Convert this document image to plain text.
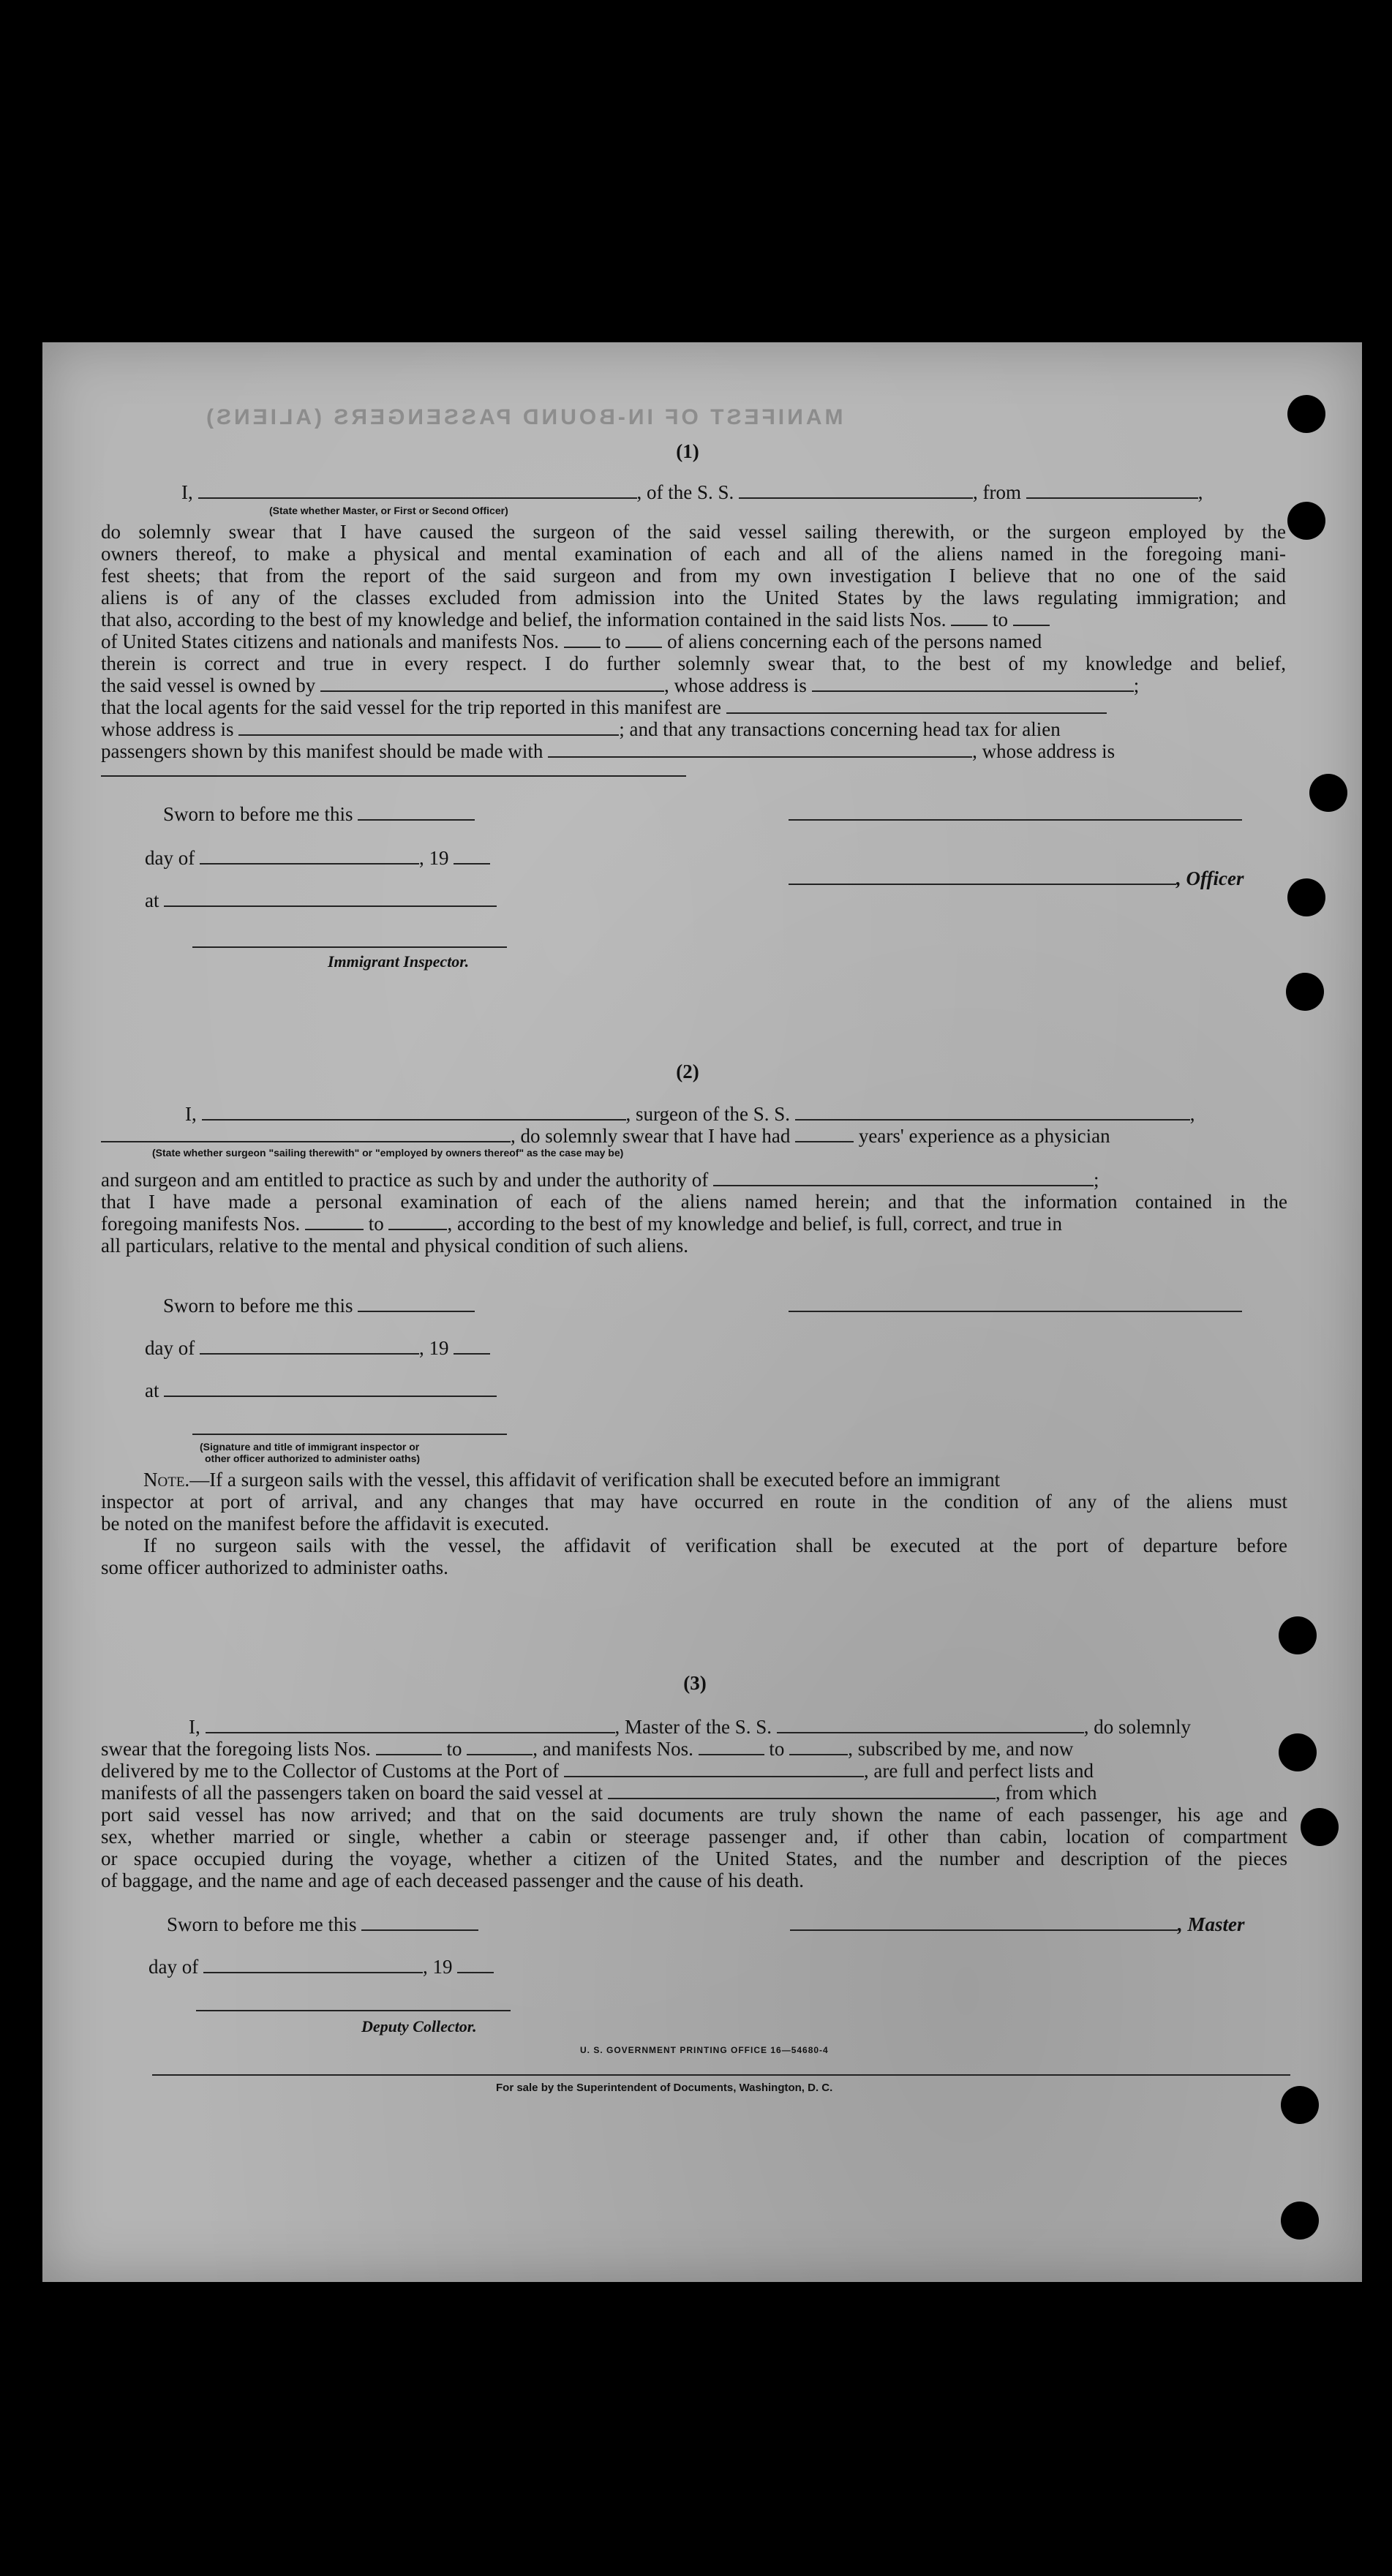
MANIFEST OF IN-BOUND PASSENGERS (ALIENS)
(1)
I,	, of the S. S.	, from	,
(State whether Master, or First or Second Officer)
do solemnly swear that I have caused the surgeon of the said vessel sailing therewith, or the surgeon employed by the
owners thereof, to make a physical and mental examination of each and all of the aliens named in the foregoing mani-
fest sheets; that from the report of the said surgeon and from my own investigation I believe that no one of the said
aliens is of any of the classes excluded from admission into the United States by the laws regulating immigration; and
that also, according to the best of my knowledge and belief, the information contained in the said lists Nos. to
of United States citizens and nationals and manifests Nos. to of aliens concerning each of the persons named
therein is correct and true in every respect. I do further solemnly swear that, to the best of my knowledge and belief,
the said vessel is owned by	, whose address is	;
that the local agents for the said vessel for the trip reported in this manifest are
whose address is	; and that any transactions concerning head tax for alien
passengers shown by this manifest should be made with	, whose address is
Sworn to before me this
day of	, 19
, Officer
at
Immigrant Inspector.
(2)
I,	, surgeon of the S. S.	,
, do solemnly swear that I have had	years' experience as a physician
(State whether surgeon "sailing therewith" or "employed by owners thereof" as the case may be)
and surgeon and am entitled to practice as such by and under the authority of	;
that I have made a personal examination of each of the aliens named herein; and that the information contained in the
foregoing manifests Nos.	to	, according to the best of my knowledge and belief, is full, correct, and true in
all particulars, relative to the mental and physical condition of such aliens.
Sworn to before me this
day of	, 19
at
(Signature and title of immigrant inspector or
other officer authorized to administer oaths)
Note.—If a surgeon sails with the vessel, this affidavit of verification shall be executed before an immigrant
inspector at port of arrival, and any changes that may have occurred en route in the condition of any of the aliens must
be noted on the manifest before the affidavit is executed.
If no surgeon sails with the vessel, the affidavit of verification shall be executed at the port of departure before
some officer authorized to administer oaths.
(3)
I,	, Master of the S. S.	, do solemnly
swear that the foregoing lists Nos.	to	, and manifests Nos.	to	, subscribed by me, and now
delivered by me to the Collector of Customs at the Port of	, are full and perfect lists and
manifests of all the passengers taken on board the said vessel at	, from which
port said vessel has now arrived; and that on the said documents are truly shown the name of each passenger, his age and
sex, whether married or single, whether a cabin or steerage passenger and, if other than cabin, location of compartment
or space occupied during the voyage, whether a citizen of the United States, and the number and description of the pieces
of baggage, and the name and age of each deceased passenger and the cause of his death.
Sworn to before me this	, Master
day of	, 19
Deputy Collector.
U. S. GOVERNMENT PRINTING OFFICE 16—54680-4
For sale by the Superintendent of Documents, Washington, D. C.
